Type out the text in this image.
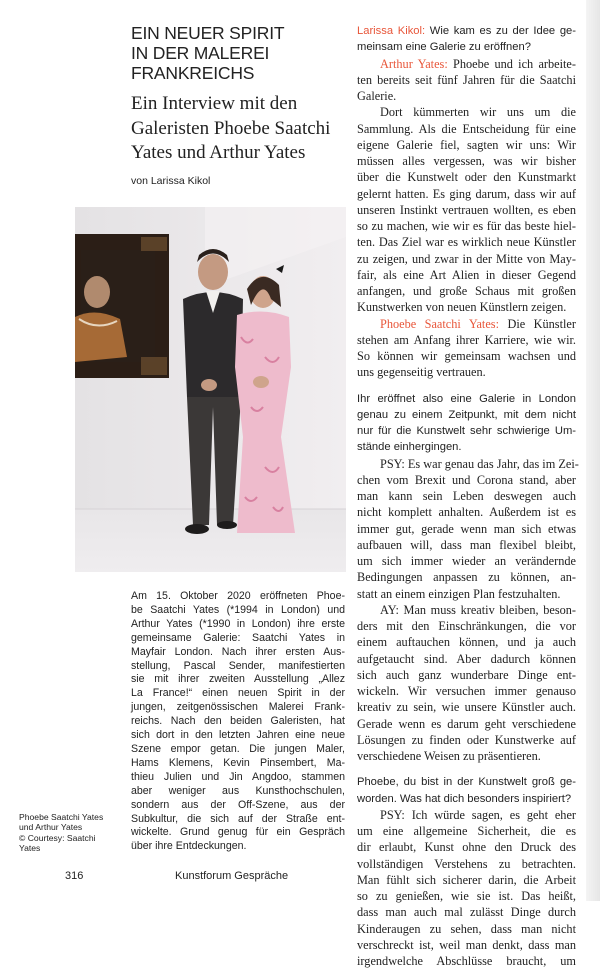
EIN NEUER SPIRIT
IN DER MALEREI
FRANKREICHS
Ein Interview mit den
Galeristen Phoebe Saatchi
Yates und Arthur Yates
von Larissa Kikol
Am 15. Oktober 2020 eröffneten Phoe-
be Saatchi Yates (*1994 in London) und
Arthur Yates (*1990 in London) ihre erste
gemeinsame Galerie: Saatchi Yates in
Mayfair London. Nach ihrer ersten Aus-
stellung, Pascal Sender, manifestierten
sie mit ihrer zweiten Ausstellung „Allez
La France!“ einen neuen Spirit in der
jungen, zeitgenössischen Malerei Frank-
reichs. Nach den beiden Galeristen, hat
sich dort in den letzten Jahren eine neue
Szene empor getan. Die jungen Maler,
Hams Klemens, Kevin Pinsembert, Ma-
thieu Julien und Jin Angdoo, stammen
aber weniger aus Kunsthochschulen,
sondern aus der Off-Szene, aus der
Subkultur, die sich auf der Straße ent-
wickelte. Grund genug für ein Gespräch
über ihre Entdeckungen.
Phoebe Saatchi Yates
und Arthur Yates
© Courtesy: Saatchi
Yates
316	Kunstforum Gespräche
Larissa Kikol: Wie kam es zu der Idee ge-
meinsam eine Galerie zu eröffnen?
Arthur Yates: Phoebe und ich arbeite-
ten bereits seit fünf Jahren für die Saatchi
Galerie.
Dort kümmerten wir uns um die
Sammlung. Als die Entscheidung für eine
eigene Galerie fiel, sagten wir uns: Wir
müssen alles vergessen, was wir bisher
über die Kunstwelt oder den Kunstmarkt
gelernt hatten. Es ging darum, dass wir auf
unseren Instinkt vertrauen wollten, es eben
so zu machen, wie wir es für das beste hiel-
ten. Das Ziel war es wirklich neue Künstler
zu zeigen, und zwar in der Mitte von May-
fair, als eine Art Alien in dieser Gegend
anfangen, und große Schaus mit großen
Kunstwerken von neuen Künstlern zeigen.
Phoebe Saatchi Yates: Die Künstler
stehen am Anfang ihrer Karriere, wie wir.
So können wir gemeinsam wachsen und
uns gegenseitig vertrauen.
Ihr eröffnet also eine Galerie in London
genau zu einem Zeitpunkt, mit dem nicht
nur für die Kunstwelt sehr schwierige Um-
stände einhergingen.
PSY: Es war genau das Jahr, das im Zei-
chen vom Brexit und Corona stand, aber
man kann sein Leben deswegen auch
nicht komplett anhalten. Außerdem ist es
immer gut, gerade wenn man sich etwas
aufbauen will, dass man flexibel bleibt,
um sich immer wieder an verändernde
Bedingungen anpassen zu können, an-
statt an einem einzigen Plan festzuhalten.
AY: Man muss kreativ bleiben, beson-
ders mit den Einschränkungen, die vor
einem auftauchen können, und ja auch
aufgetaucht sind. Aber dadurch können
sich auch ganz wunderbare Dinge ent-
wickeln. Wir versuchen immer genauso
kreativ zu sein, wie unsere Künstler auch.
Gerade wenn es darum geht verschiedene
Lösungen zu finden oder Kunstwerke auf
verschiedene Weisen zu präsentieren.
Phoebe, du bist in der Kunstwelt groß ge-
worden. Was hat dich besonders inspiriert?
PSY: Ich würde sagen, es geht eher
um eine allgemeine Sicherheit, die es
dir erlaubt, Kunst ohne den Druck des
vollständigen Verstehens zu betrachten.
Man fühlt sich sicherer darin, die Arbeit
so zu genießen, wie sie ist. Das heißt,
dass man auch mal zulässt Dinge durch
Kinderaugen zu sehen, dass man nicht
verschreckt ist, weil man denkt, dass man
irgendwelche Abschlüsse braucht, um
